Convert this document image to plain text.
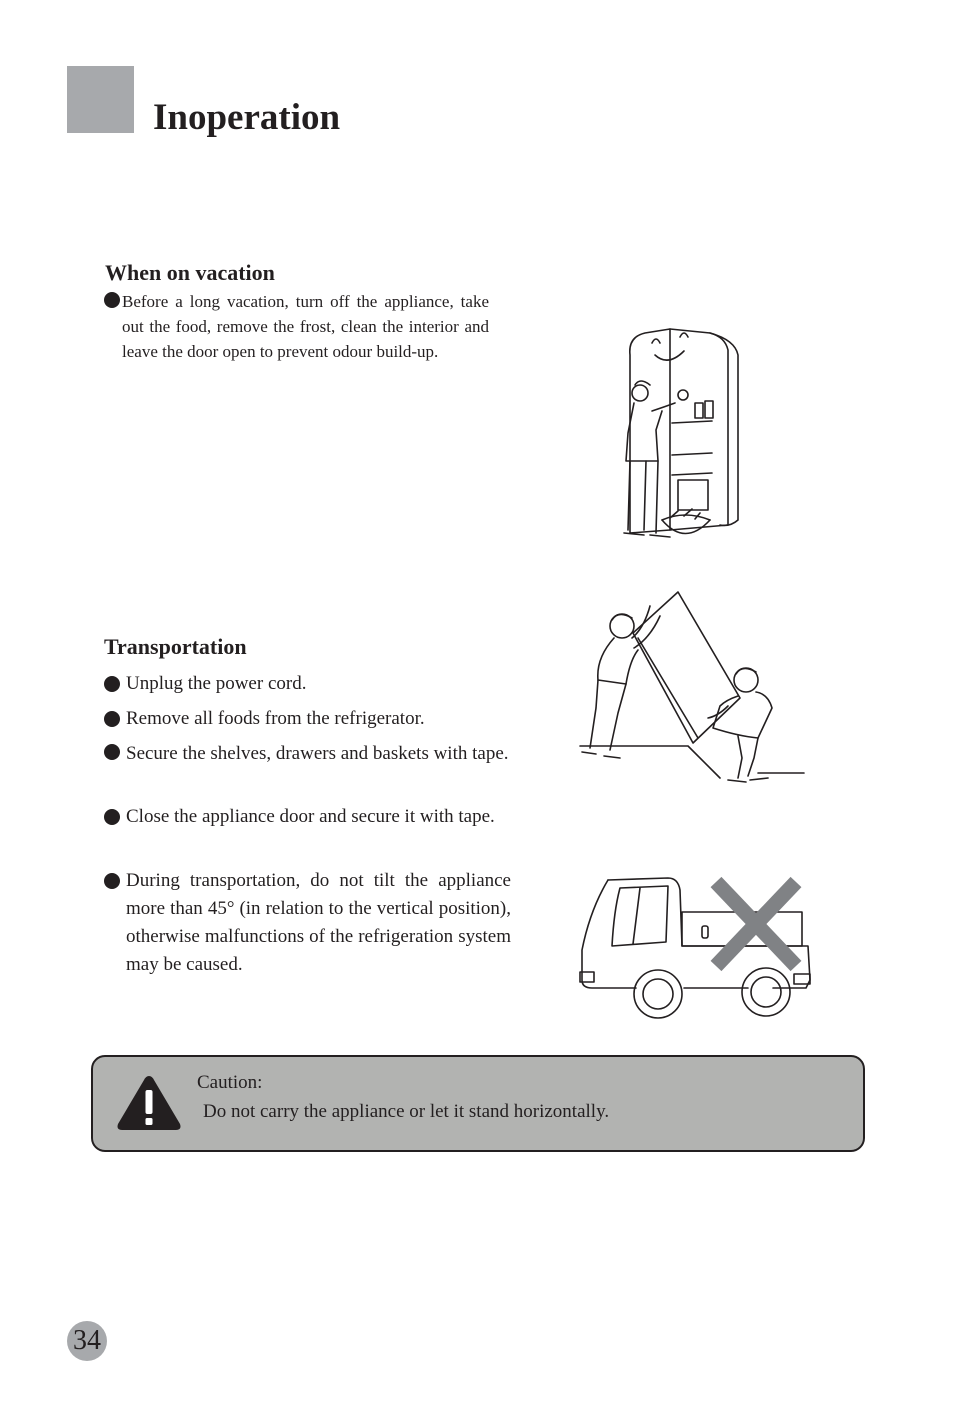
Inoperation
When on vacation

Before a long vacation, turn off the appliance, take out the food, remove the frost, clean the interior and leave the door open to prevent odour build-up.

Transportation

Unplug the power cord.

Remove all foods from the refrigerator.

Secure the shelves, drawers and baskets with tape.

Close the appliance door and secure it with tape.

During transportation, do not tilt the appliance more than 45° (in relation to the vertical position), otherwise malfunctions of the refrigeration system may be caused.

Caution:

Do not carry the appliance or let it stand horizontally.

34
